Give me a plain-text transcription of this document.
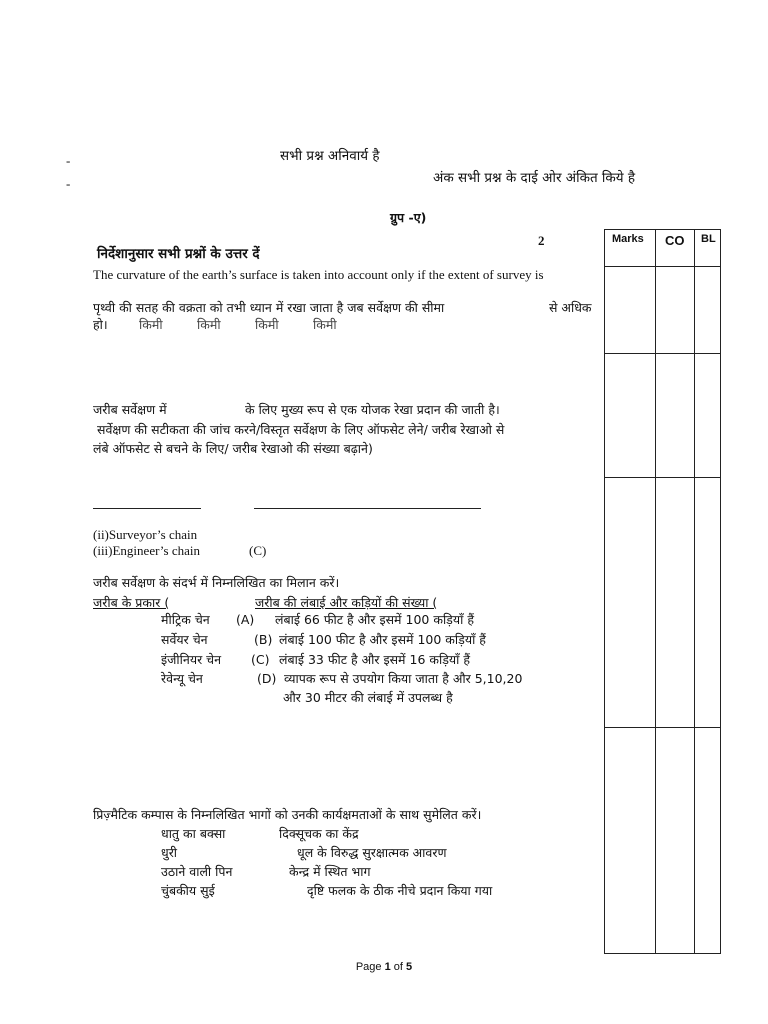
-	सभी प्रश्न अनिवार्य है
-	अंक सभी प्रश्न के दाई ओर अंकित किये है
ग्रुप -ए)
निर्देशानुसार सभी प्रश्नों के उत्तर दें
2	Marks CO BL
The curvature of the earth’s surface is taken into account only if the extent of survey is
पृथ्वी की सतह की वक्रता को तभी ध्यान में रखा जाता है जब सर्वेक्षण की सीमा	से अधिक
हो।	किमी	किमी	किमी	किमी
जरीब सर्वेक्षण में	के लिए मुख्य रूप से एक योजक रेखा प्रदान की जाती है।
सर्वेक्षण की सटीकता की जांच करने/विस्तृत सर्वेक्षण के लिए ऑफसेट लेने/ जरीब रेखाओ से
लंबे ऑफसेट से बचने के लिए/ जरीब रेखाओ की संख्या बढ़ाने)
(ii)Surveyor’s chain
(iii)Engineer’s chain	(C)
जरीब सर्वेक्षण के संदर्भ में निम्नलिखित का मिलान करें।
जरीब के प्रकार (	जरीब की लंबाई और कड़ियों की संख्या (
मीट्रिक चेन (A) लंबाई 66 फीट है और इसमें 100 कड़ियाँ हैं
सर्वेयर चेन	(B) लंबाई 100 फीट है और इसमें 100 कड़ियाँ हैं
इंजीनियर चेन (C) लंबाई 33 फीट है और इसमें 16 कड़ियाँ हैं
रेवेन्यू चेन	(D) व्यापक रूप से उपयोग किया जाता है और 5,10,20
और 30 मीटर की लंबाई में उपलब्ध है
प्रिज़्मैटिक कम्पास के निम्नलिखित भागों को उनकी कार्यक्षमताओं के साथ सुमेलित करें।
धातु का बक्सा	दिक्सूचक का केंद्र
धुरी	धूल के विरुद्ध सुरक्षात्मक आवरण
उठाने वाली पिन	केन्द्र में स्थित भाग
चुंबकीय सुई	दृष्टि फलक के ठीक नीचे प्रदान किया गया
Page 1 of 5
